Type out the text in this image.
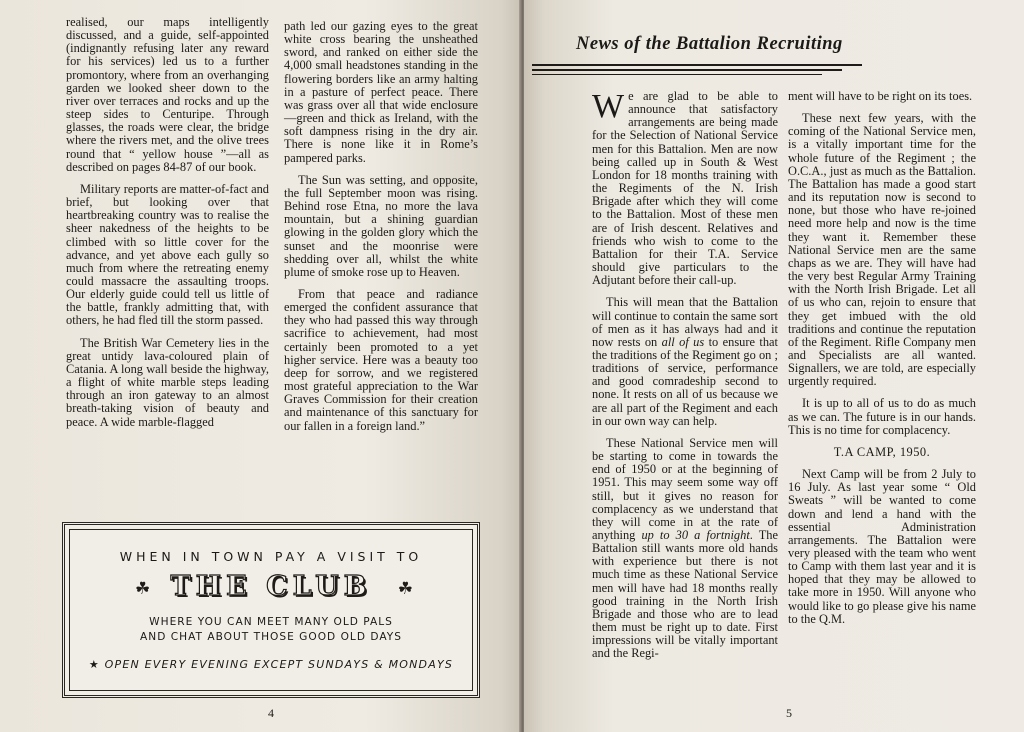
realised, our maps intelligently discussed, and a guide, self-appointed (indignantly refusing later any reward for his services) led us to a further promontory, where from an overhanging garden we looked sheer down to the river over terraces and rocks and up the steep sides to Centuripe. Through glasses, the roads were clear, the bridge where the rivers met, and the olive trees round that “ yellow house ”—all as described on pages 84-87 of our book.

Military reports are matter-of-fact and brief, but looking over that heartbreaking country was to realise the sheer nakedness of the heights to be climbed with so little cover for the advance, and yet above each gully so much from where the retreating enemy could massacre the assaulting troops. Our elderly guide could tell us little of the battle, frankly admitting that, with others, he had fled till the storm passed.

The British War Cemetery lies in the great untidy lava-coloured plain of Catania. A long wall beside the highway, a flight of white marble steps leading through an iron gateway to an almost breath-taking vision of beauty and peace. A wide marble-flagged

path led our gazing eyes to the great white cross bearing the unsheathed sword, and ranked on either side the 4,000 small headstones standing in the flowering borders like an army halting in a pasture of perfect peace. There was grass over all that wide enclosure—green and thick as Ireland, with the soft dampness rising in the dry air. There is none like it in Rome’s pampered parks.

The Sun was setting, and opposite, the full September moon was rising. Behind rose Etna, no more the lava mountain, but a shining guardian glowing in the golden glory which the sunset and the moonrise were shedding over all, whilst the white plume of smoke rose up to Heaven.

From that peace and radiance emerged the confident assurance that they who had passed this way through sacrifice to achievement, had most certainly been promoted to a yet higher service. Here was a beauty too deep for sorrow, and we registered most grateful appreciation to the War Graves Commission for their creation and maintenance of this sanctuary for our fallen in a foreign land.”

WHEN IN TOWN PAY A VISIT TO
☘ THE CLUB	☘
WHERE YOU CAN MEET MANY OLD PALS
AND CHAT ABOUT THOSE GOOD OLD DAYS
★ OPEN EVERY EVENING EXCEPT SUNDAYS & MONDAYS
4
News of the Battalion Recruiting

We are glad to be able to announce that satisfactory arrangements are being made for the Selection of National Service men for this Battalion. Men are now being called up in South & West London for 18 months training with the Regiments of the N. Irish Brigade after which they will come to the Battalion. Most of these men are of Irish descent. Relatives and friends who wish to come to the Battalion for their T.A. Service should give particulars to the Adjutant before their call-up.

This will mean that the Battalion will continue to contain the same sort of men as it has always had and it now rests on all of us to ensure that the traditions of the Regiment go on ; traditions of service, performance and good comradeship second to none. It rests on all of us because we are all part of the Regiment and each in our own way can help.

These National Service men will be starting to come in towards the end of 1950 or at the beginning of 1951. This may seem some way off still, but it gives no reason for complacency as we understand that they will come in at the rate of anything up to 30 a fortnight. The Battalion still wants more old hands with experience but there is not much time as these National Service men will have had 18 months really good training in the North Irish Brigade and those who are to lead them must be right up to date. First impressions will be vitally important and the Regi-

ment will have to be right on its toes.

These next few years, with the coming of the National Service men, is a vitally important time for the whole future of the Regiment ; the O.C.A., just as much as the Battalion. The Battalion has made a good start and its reputation now is second to none, but those who have re-joined need more help and now is the time they want it. Remember these National Service men are the same chaps as we are. They will have had the very best Regular Army Training with the North Irish Brigade. Let all of us who can, rejoin to ensure that they get imbued with the old traditions and continue the reputation of the Regiment. Rifle Company men and Specialists are all wanted. Signallers, we are told, are especially urgently required.

It is up to all of us to do as much as we can. The future is in our hands. This is no time for complacency.

T.A CAMP, 1950.

Next Camp will be from 2 July to 16 July. As last year some “ Old Sweats ” will be wanted to come down and lend a hand with the essential Administration arrangements. The Battalion were very pleased with the team who went to Camp with them last year and it is hoped that they may be allowed to take more in 1950. Will anyone who would like to go please give his name to the Q.M.

5
